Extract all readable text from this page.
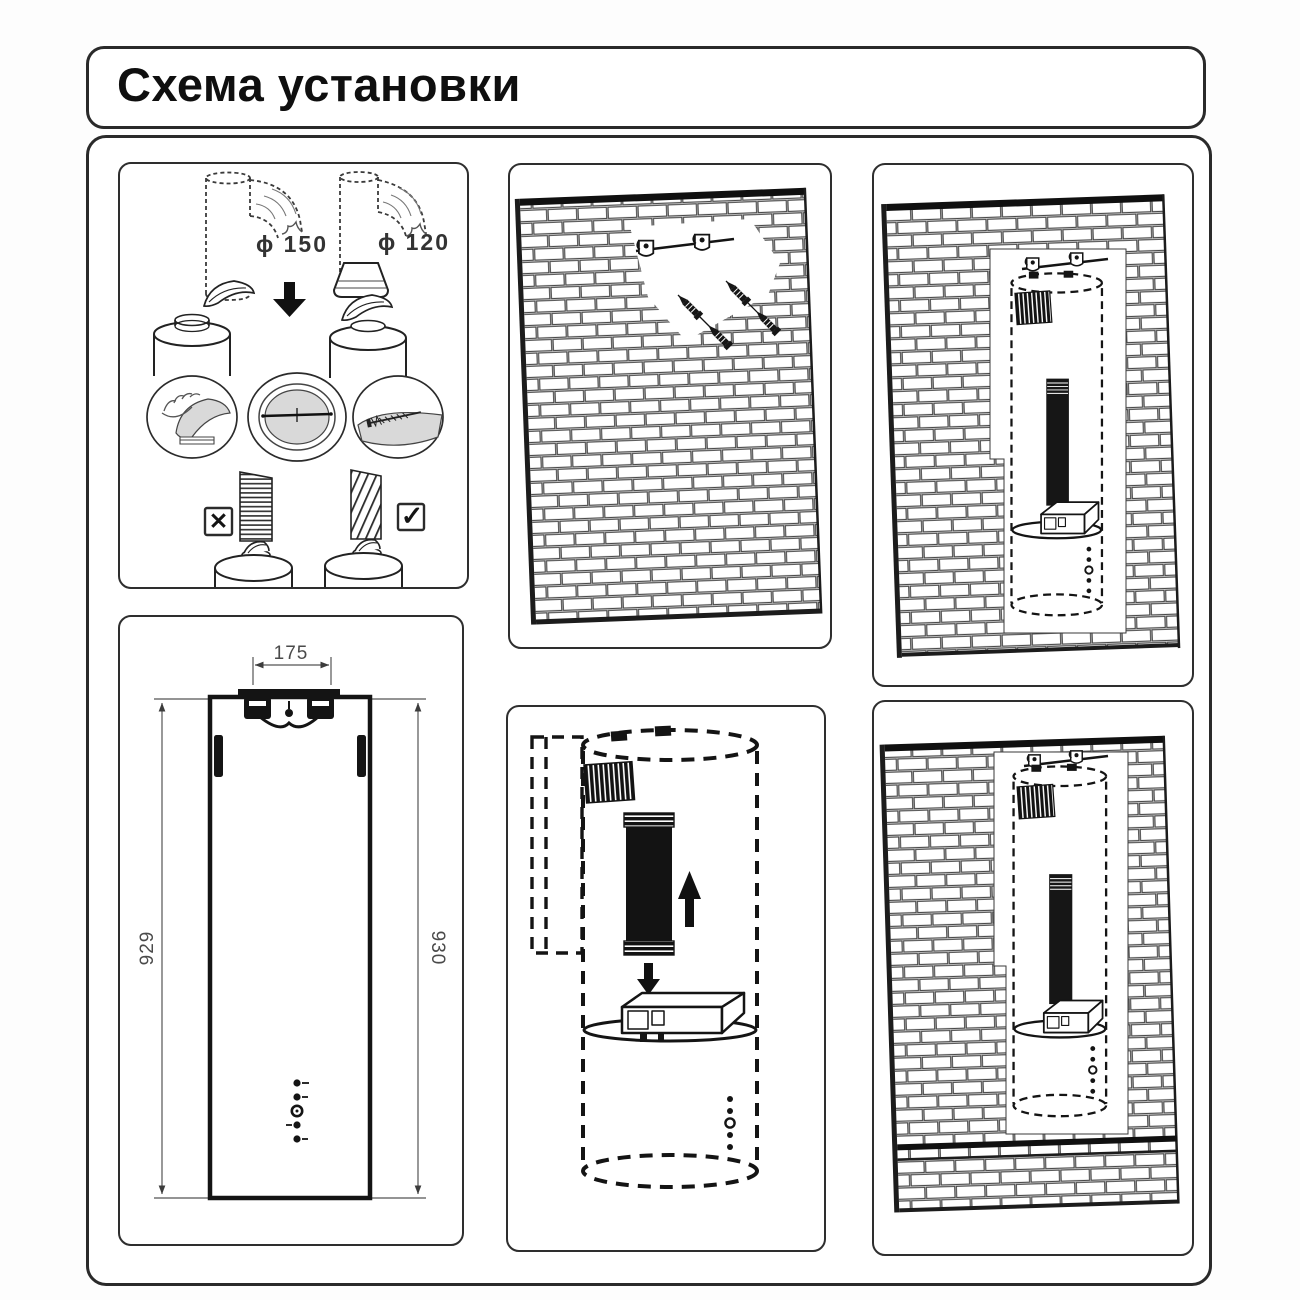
Схема установки
ϕ 150 ϕ 120
✕	✓
175
929	930
